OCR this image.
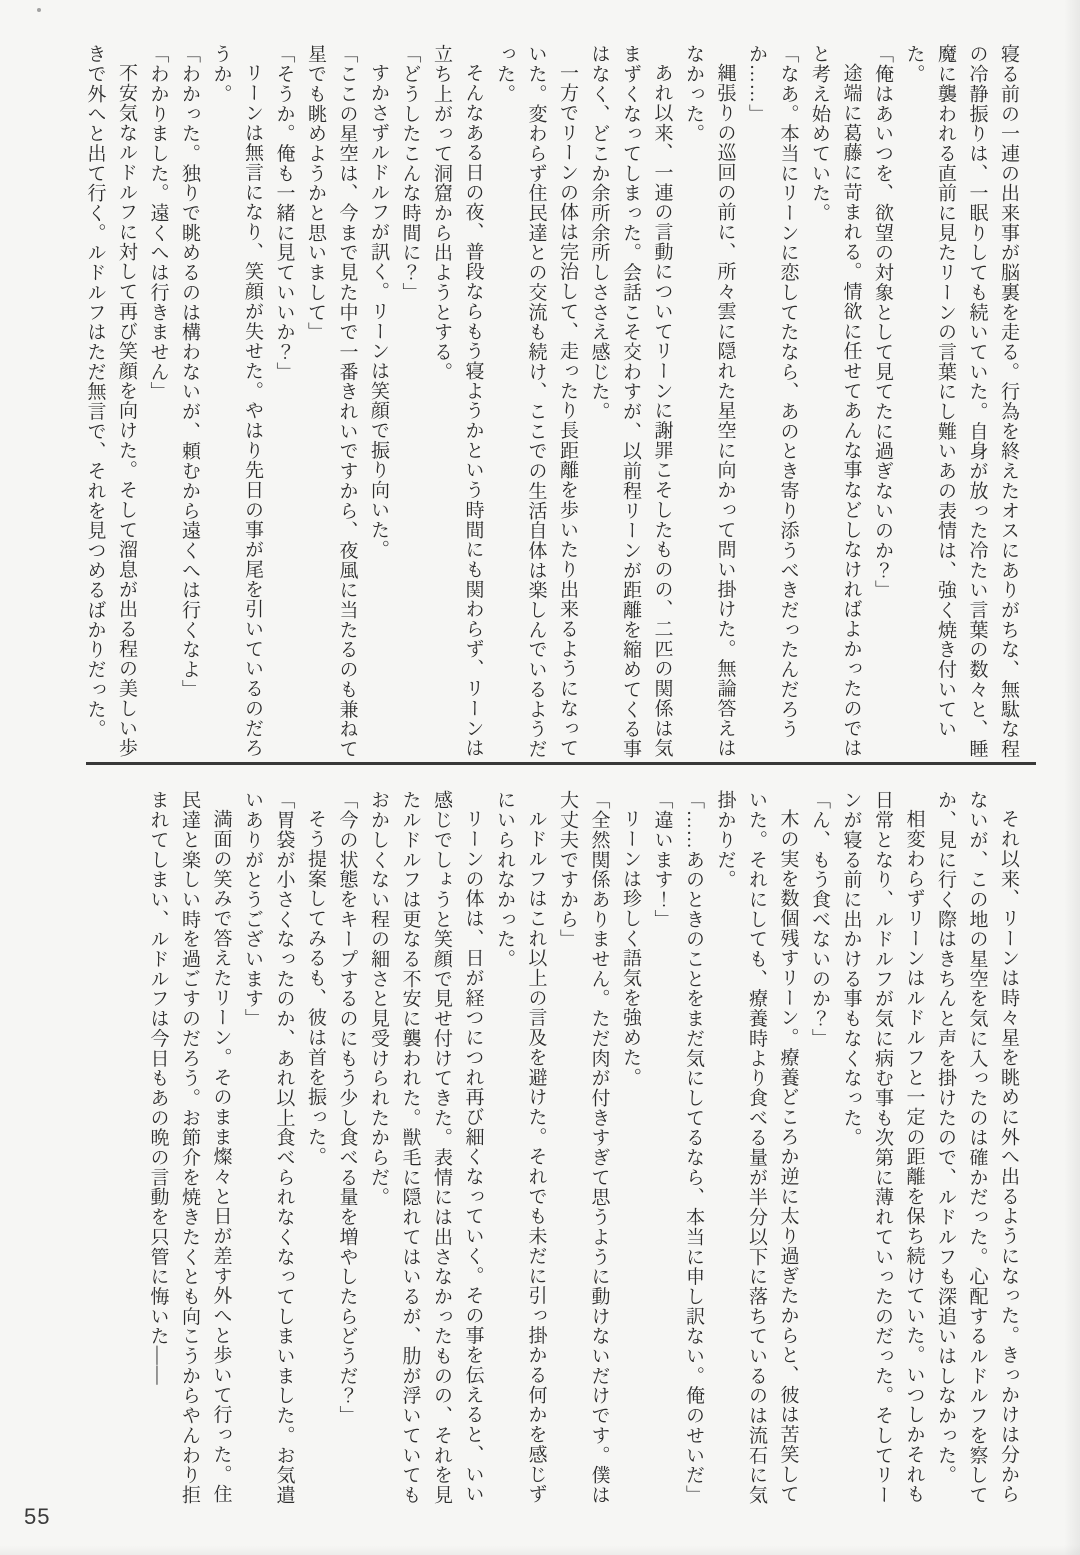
寝る前の一連の出来事が脳裏を走る。行為を終えたオスにありがちな、無駄な程の冷静振りは、一眠りしても続いていた。自身が放った冷たい言葉の数々と、睡魔に襲われる直前に見たリーンの言葉にし難いあの表情は、強く焼き付いていた。

「俺はあいつを、欲望の対象として見てたに過ぎないのか？」

途端に葛藤に苛まれる。情欲に任せてあんな事などしなければよかったのではと考え始めていた。

「なあ。本当にリーンに恋してたなら、あのとき寄り添うべきだったんだろうか……」

縄張りの巡回の前に、所々雲に隠れた星空に向かって問い掛けた。無論答えはなかった。

あれ以来、一連の言動についてリーンに謝罪こそしたものの、二匹の関係は気まずくなってしまった。会話こそ交わすが、以前程リーンが距離を縮めてくる事はなく、どこか余所余所しささえ感じた。

一方でリーンの体は完治して、走ったり長距離を歩いたり出来るようになっていた。変わらず住民達との交流も続け、ここでの生活自体は楽しんでいるようだった。

そんなある日の夜、普段ならもう寝ようかという時間にも関わらず、リーンは立ち上がって洞窟から出ようとする。

「どうしたこんな時間に？」

すかさずルドルフが訊く。リーンは笑顔で振り向いた。

「ここの星空は、今まで見た中で一番きれいですから、夜風に当たるのも兼ねて星でも眺めようかと思いまして」

「そうか。俺も一緒に見ていいか？」

リーンは無言になり、笑顔が失せた。やはり先日の事が尾を引いているのだろうか。

「わかった。独りで眺めるのは構わないが、頼むから遠くへは行くなよ」

「わかりました。遠くへは行きません」

不安気なルドルフに対して再び笑顔を向けた。そして溜息が出る程の美しい歩きで外へと出て行く。ルドルフはただ無言で、それを見つめるばかりだった。

それ以来、リーンは時々星を眺めに外へ出るようになった。きっかけは分からないが、この地の星空を気に入ったのは確かだった。心配するルドルフを察してか、見に行く際はきちんと声を掛けたので、ルドルフも深追いはしなかった。

相変わらずリーンはルドルフと一定の距離を保ち続けていた。いつしかそれも日常となり、ルドルフが気に病む事も次第に薄れていったのだった。そしてリーンが寝る前に出かける事もなくなった。

「ん、もう食べないのか？」

木の実を数個残すリーン。療養どころか逆に太り過ぎたからと、彼は苦笑していた。それにしても、療養時より食べる量が半分以下に落ちているのは流石に気掛かりだ。

「……あのときのことをまだ気にしてるなら、本当に申し訳ない。俺のせいだ」

「違います！」

リーンは珍しく語気を強めた。

「全然関係ありません。ただ肉が付きすぎて思うように動けないだけです。僕は大丈夫ですから」

ルドルフはこれ以上の言及を避けた。それでも未だに引っ掛かる何かを感じずにいられなかった。

リーンの体は、日が経つにつれ再び細くなっていく。その事を伝えると、いい感じでしょうと笑顔で見せ付けてきた。表情には出さなかったものの、それを見たルドルフは更なる不安に襲われた。獣毛に隠れてはいるが、肋が浮いていてもおかしくない程の細さと見受けられたからだ。

「今の状態をキープするのにもう少し食べる量を増やしたらどうだ？」

そう提案してみるも、彼は首を振った。

「胃袋が小さくなったのか、あれ以上食べられなくなってしまいました。お気遣いありがとうございます」

満面の笑みで答えたリーン。そのまま燦々と日が差す外へと歩いて行った。住民達と楽しい時を過ごすのだろう。お節介を焼きたくとも向こうからやんわり拒まれてしまい、ルドルフは今日もあの晩の言動を只管に悔いた――

55
